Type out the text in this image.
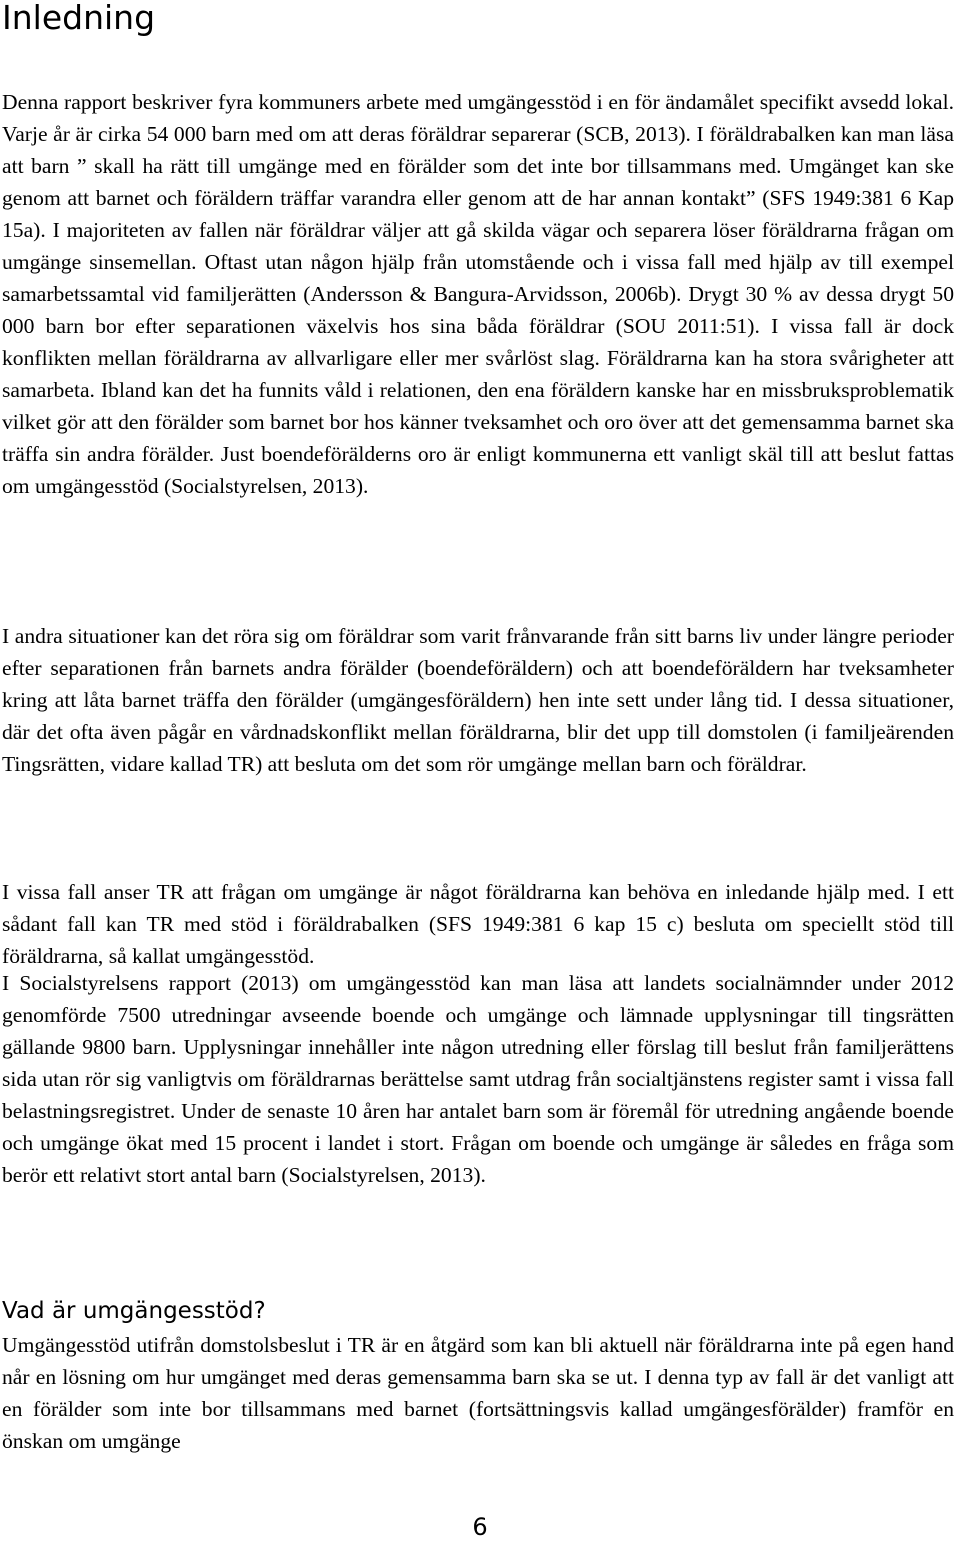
Inledning

Denna rapport beskriver fyra kommuners arbete med umgängesstöd i en för ändamålet specifikt avsedd lokal. Varje år är cirka 54 000 barn med om att deras föräldrar separerar (SCB, 2013). I föräldrabalken kan man läsa att barn ” skall ha rätt till umgänge med en förälder som det inte bor tillsammans med. Umgänget kan ske genom att barnet och föräldern träffar varandra eller genom att de har annan kontakt” (SFS 1949:381 6 Kap 15a). I majoriteten av fallen när föräldrar väljer att gå skilda vägar och separera löser föräldrarna frågan om umgänge sinsemellan. Oftast utan någon hjälp från utomstående och i vissa fall med hjälp av till exempel samarbetssamtal vid familjerätten (Andersson & Bangura-Arvidsson, 2006b). Drygt 30 % av dessa drygt 50 000 barn bor efter separationen växelvis hos sina båda föräldrar (SOU 2011:51). I vissa fall är dock konflikten mellan föräldrarna av allvarligare eller mer svårlöst slag. Föräldrarna kan ha stora svårigheter att samarbeta. Ibland kan det ha funnits våld i relationen, den ena föräldern kanske har en missbruksproblematik vilket gör att den förälder som barnet bor hos känner tveksamhet och oro över att det gemensamma barnet ska träffa sin andra förälder. Just boendeförälderns oro är enligt kommunerna ett vanligt skäl till att beslut fattas om umgängesstöd (Socialstyrelsen, 2013).

I andra situationer kan det röra sig om föräldrar som varit frånvarande från sitt barns liv under längre perioder efter separationen från barnets andra förälder (boendeföräldern) och att boendeföräldern har tveksamheter kring att låta barnet träffa den förälder (umgängesföräldern) hen inte sett under lång tid. I dessa situationer, där det ofta även pågår en vårdnadskonflikt mellan föräldrarna, blir det upp till domstolen (i familjeärenden Tingsrätten, vidare kallad TR) att besluta om det som rör umgänge mellan barn och föräldrar.

I vissa fall anser TR att frågan om umgänge är något föräldrarna kan behöva en inledande hjälp med. I ett sådant fall kan TR med stöd i föräldrabalken (SFS 1949:381 6 kap 15 c) besluta om speciellt stöd till föräldrarna, så kallat umgängesstöd.

I Socialstyrelsens rapport (2013) om umgängesstöd kan man läsa att landets socialnämnder under 2012 genomförde 7500 utredningar avseende boende och umgänge och lämnade upplysningar till tingsrätten gällande 9800 barn. Upplysningar innehåller inte någon utredning eller förslag till beslut från familjerättens sida utan rör sig vanligtvis om föräldrarnas berättelse samt utdrag från socialtjänstens register samt i vissa fall belastningsregistret. Under de senaste 10 åren har antalet barn som är föremål för utredning angående boende och umgänge ökat med 15 procent i landet i stort. Frågan om boende och umgänge är således en fråga som berör ett relativt stort antal barn (Socialstyrelsen, 2013).

Vad är umgängesstöd?

Umgängesstöd utifrån domstolsbeslut i TR är en åtgärd som kan bli aktuell när föräldrarna inte på egen hand når en lösning om hur umgänget med deras gemensamma barn ska se ut. I denna typ av fall är det vanligt att en förälder som inte bor tillsammans med barnet (fortsättningsvis kallad umgängesförälder) framför en önskan om umgänge

6
